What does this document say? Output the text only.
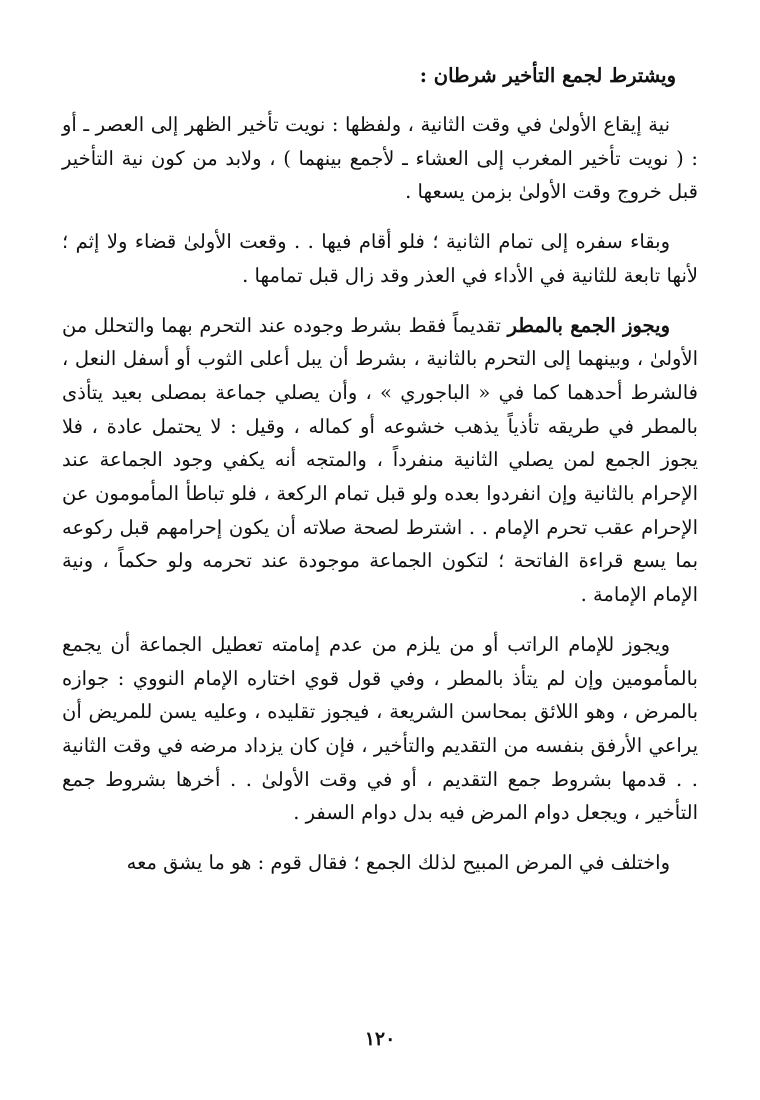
ويشترط لجمع التأخير شرطان :

نية إيقاع الأولىٰ في وقت الثانية ، ولفظها : نويت تأخير الظهر إلى العصر ـ أو : ( نويت تأخير المغرب إلى العشاء ـ لأجمع بينهما ) ، ولابد من كون نية التأخير قبل خروج وقت الأولىٰ بزمن يسعها .

وبقاء سفره إلى تمام الثانية ؛ فلو أقام فيها . . وقعت الأولىٰ قضاء ولا إثم ؛ لأنها تابعة للثانية في الأداء في العذر وقد زال قبل تمامها .

ويجوز الجمع بالمطر تقديماً فقط بشرط وجوده عند التحرم بهما والتحلل من الأولىٰ ، وبينهما إلى التحرم بالثانية ، بشرط أن يبل أعلى الثوب أو أسفل النعل ، فالشرط أحدهما كما في « الباجوري » ، وأن يصلي جماعة بمصلى بعيد يتأذى بالمطر في طريقه تأذياً يذهب خشوعه أو كماله ، وقيل : لا يحتمل عادة ، فلا يجوز الجمع لمن يصلي الثانية منفرداً ، والمتجه أنه يكفي وجود الجماعة عند الإحرام بالثانية وإن انفردوا بعده ولو قبل تمام الركعة ، فلو تباطأ المأمومون عن الإحرام عقب تحرم الإمام . . اشترط لصحة صلاته أن يكون إحرامهم قبل ركوعه بما يسع قراءة الفاتحة ؛ لتكون الجماعة موجودة عند تحرمه ولو حكماً ، ونية الإمام الإمامة .

ويجوز للإمام الراتب أو من يلزم من عدم إمامته تعطيل الجماعة أن يجمع بالمأمومين وإن لم يتأذ بالمطر ، وفي قول قوي اختاره الإمام النووي : جوازه بالمرض ، وهو اللائق بمحاسن الشريعة ، فيجوز تقليده ، وعليه يسن للمريض أن يراعي الأرفق بنفسه من التقديم والتأخير ، فإن كان يزداد مرضه في وقت الثانية . . قدمها بشروط جمع التقديم ، أو في وقت الأولىٰ . . أخرها بشروط جمع التأخير ، ويجعل دوام المرض فيه بدل دوام السفر .

واختلف في المرض المبيح لذلك الجمع ؛ فقال قوم : هو ما يشق معه

١٢٠
